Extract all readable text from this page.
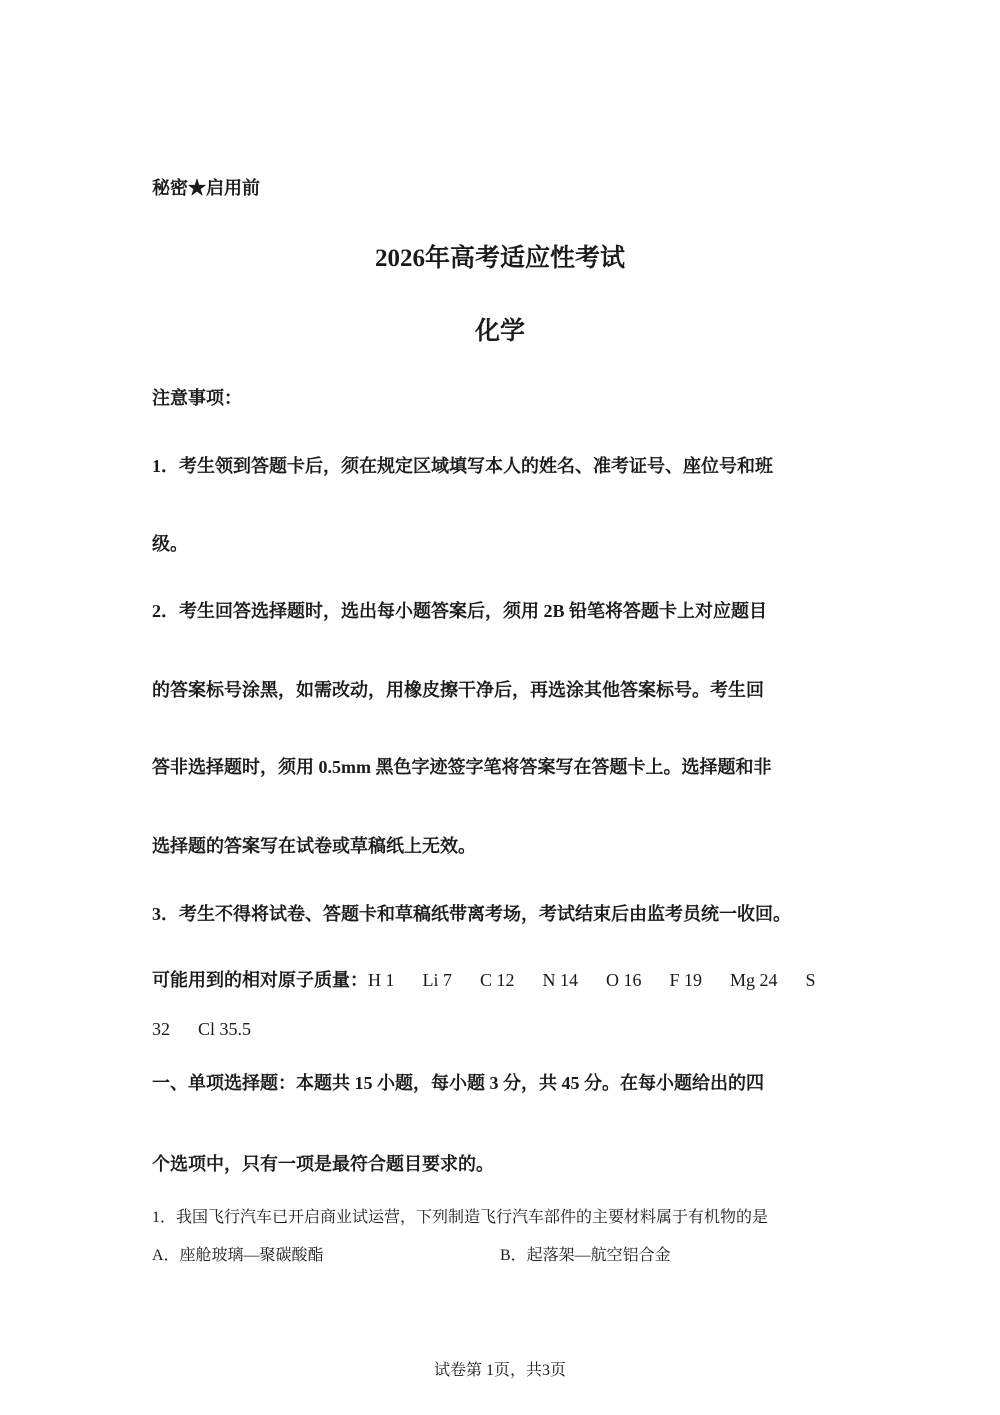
秘密★启用前
2026年高考适应性考试
化学
注意事项：
1．考生领到答题卡后，须在规定区域填写本人的姓名、准考证号、座位号和班
级。
2．考生回答选择题时，选出每小题答案后，须用 2B 铅笔将答题卡上对应题目
的答案标号涂黑，如需改动，用橡皮擦干净后，再选涂其他答案标号。考生回
答非选择题时，须用 0.5mm 黑色字迹签字笔将答案写在答题卡上。选择题和非
选择题的答案写在试卷或草稿纸上无效。
3．考生不得将试卷、答题卡和草稿纸带离考场，考试结束后由监考员统一收回。
可能用到的相对原子质量：H 1 Li 7 C 12 N 14 O 16 F 19 Mg 24 S
32 Cl 35.5
一、单项选择题：本题共 15 小题，每小题 3 分，共 45 分。在每小题给出的四
个选项中，只有一项是最符合题目要求的。
1．我国飞行汽车已开启商业试运营，下列制造飞行汽车部件的主要材料属于有机物的是
A．座舱玻璃—聚碳酸酯	B．起落架—航空铝合金
试卷第 1页，共3页
